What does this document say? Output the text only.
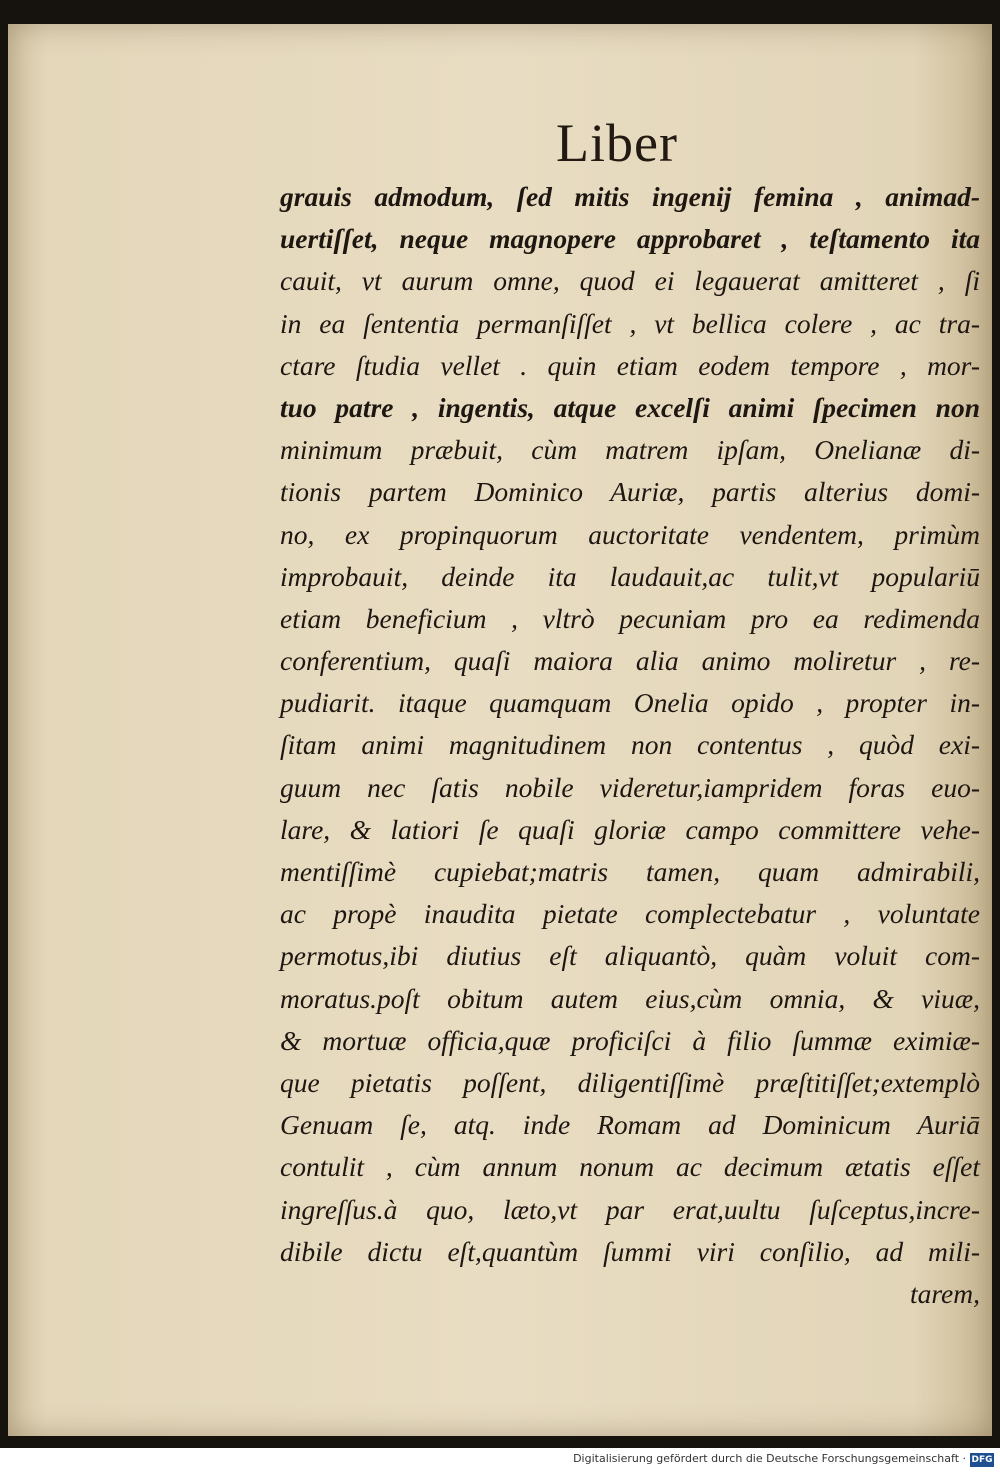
Liber
grauis admodum, ſed mitis ingenij femina , animad-
uertiſſet, neque magnopere approbaret , teſtamento ita
cauit, vt aurum omne, quod ei legauerat amitteret , ſi
in ea ſententia permanſiſſet , vt bellica colere , ac tra-
ctare ſtudia vellet . quin etiam eodem tempore , mor-
tuo patre , ingentis, atque excelſi animi ſpecimen non
minimum præbuit, cùm matrem ipſam, Onelianæ di-
tionis partem Dominico Auriæ, partis alterius domi-
no, ex propinquorum auctoritate vendentem, primùm
improbauit, deinde ita laudauit,ac tulit,vt populariū
etiam beneficium , vltrò pecuniam pro ea redimenda
conferentium, quaſi maiora alia animo moliretur , re-
pudiarit. itaque quamquam Onelia opido , propter in-
ſitam animi magnitudinem non contentus , quòd exi-
guum nec ſatis nobile videretur,iampridem foras euo-
lare, & latiori ſe quaſi gloriæ campo committere vehe-
mentiſſimè cupiebat;matris tamen, quam admirabili,
ac propè inaudita pietate complectebatur , voluntate
permotus,ibi diutius eſt aliquantò, quàm voluit com-
moratus.poſt obitum autem eius,cùm omnia, & viuæ,
& mortuæ officia,quæ proficiſci à filio ſummæ eximiæ-
que pietatis poſſent, diligentiſſimè præſtitiſſet;extemplò
Genuam ſe, atq. inde Romam ad Dominicum Auriā
contulit , cùm annum nonum ac decimum ætatis eſſet
ingreſſus.à quo, læto,vt par erat,uultu ſuſceptus,incre-
dibile dictu eſt,quantùm ſummi viri conſilio, ad mili-
tarem,
Digitalisierung gefördert durch die Deutsche Forschungsgemeinschaft · DFG
